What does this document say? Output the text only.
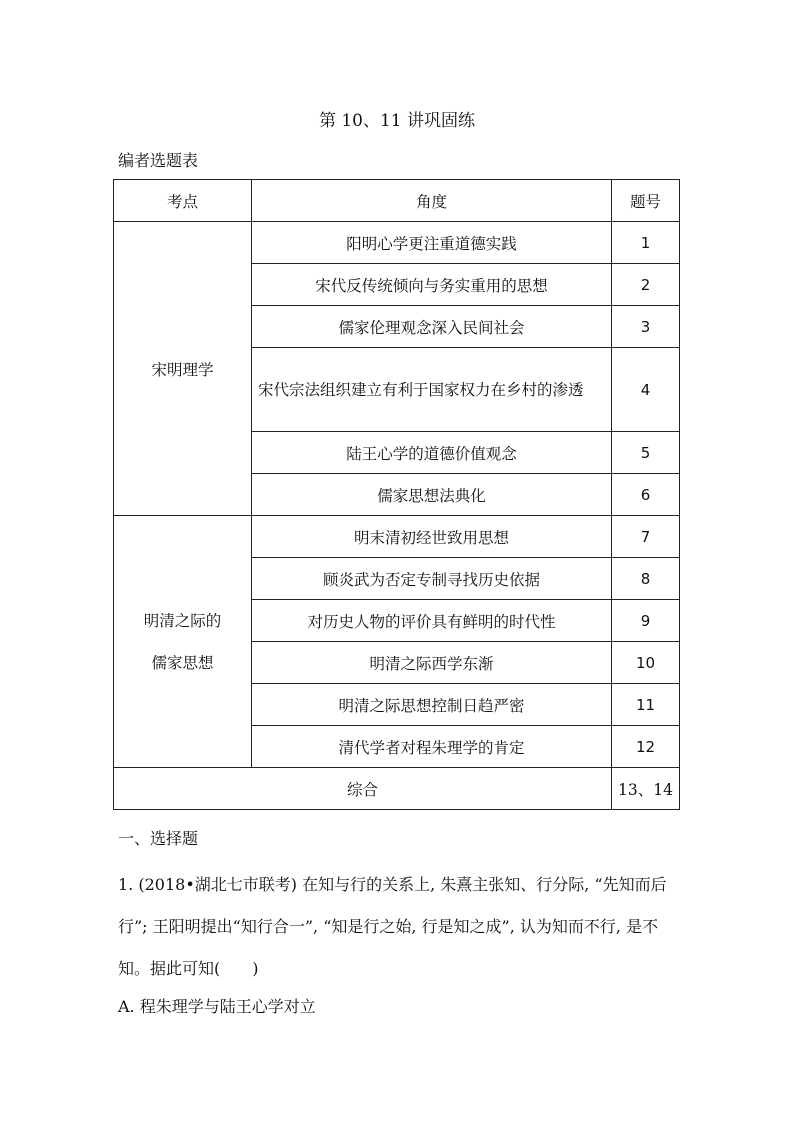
第 10、11 讲巩固练
编者选题表
考点	角度	题号
宋明理学	阳明心学更注重道德实践	1
	宋代反传统倾向与务实重用的思想	2
	儒家伦理观念深入民间社会	3
	宋代宗法组织建立有利于国家权力在乡村的渗透	4
	陆王心学的道德价值观念	5
	儒家思想法典化	6

明清之际的
儒家思想	明末清初经世致用思想	7
	顾炎武为否定专制寻找历史依据	8
	对历史人物的评价具有鲜明的时代性	9
	明清之际西学东渐	10
	明清之际思想控制日趋严密	11
	清代学者对程朱理学的肯定	12
综合		13、14
一、选择题
1. (2018•湖北七市联考) 在知与行的关系上, 朱熹主张知、行分际, “先知而后行”; 王阳明提出“知行合一”, “知是行之始, 行是知之成”, 认为知而不行, 是不知。据此可知(　　)
A. 程朱理学与陆王心学对立
